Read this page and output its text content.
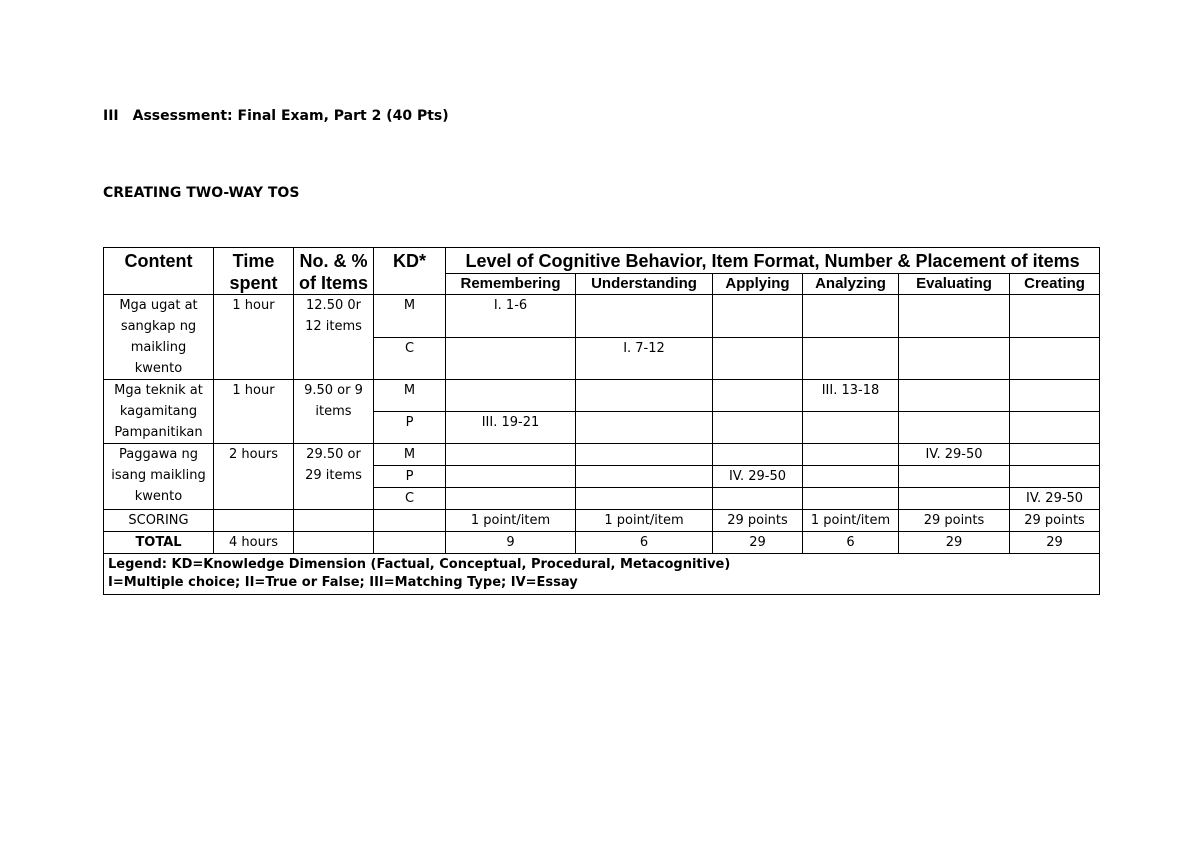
III Assessment: Final Exam, Part 2 (40 Pts)
CREATING TWO-WAY TOS
Content	Time spent	No. & % of Items	KD*	Level of Cognitive Behavior, Item Format, Number & Placement of items					
				Remembering	Understanding	Applying	Analyzing	Evaluating	Creating
Mga ugat at sangkap ng maikling kwento	1 hour	12.50 0r 12 items	M	I. 1-6					
			C		I. 7-12				
Mga teknik at kagamitang Pampanitikan	1 hour	9.50 or 9 items	M				III. 13-18		
			P	III. 19-21					
Paggawa ng isang maikling kwento	2 hours	29.50 or 29 items	M					IV. 29-50	
			P			IV. 29-50			
			C						IV. 29-50
SCORING				1 point/item	1 point/item	29 points	1 point/item	29 points	29 points
TOTAL	4 hours			9	6	29	6	29	29

Legend: KD=Knowledge Dimension (Factual, Conceptual, Procedural, Metacognitive)
I=Multiple choice; II=True or False; III=Matching Type; IV=Essay									
